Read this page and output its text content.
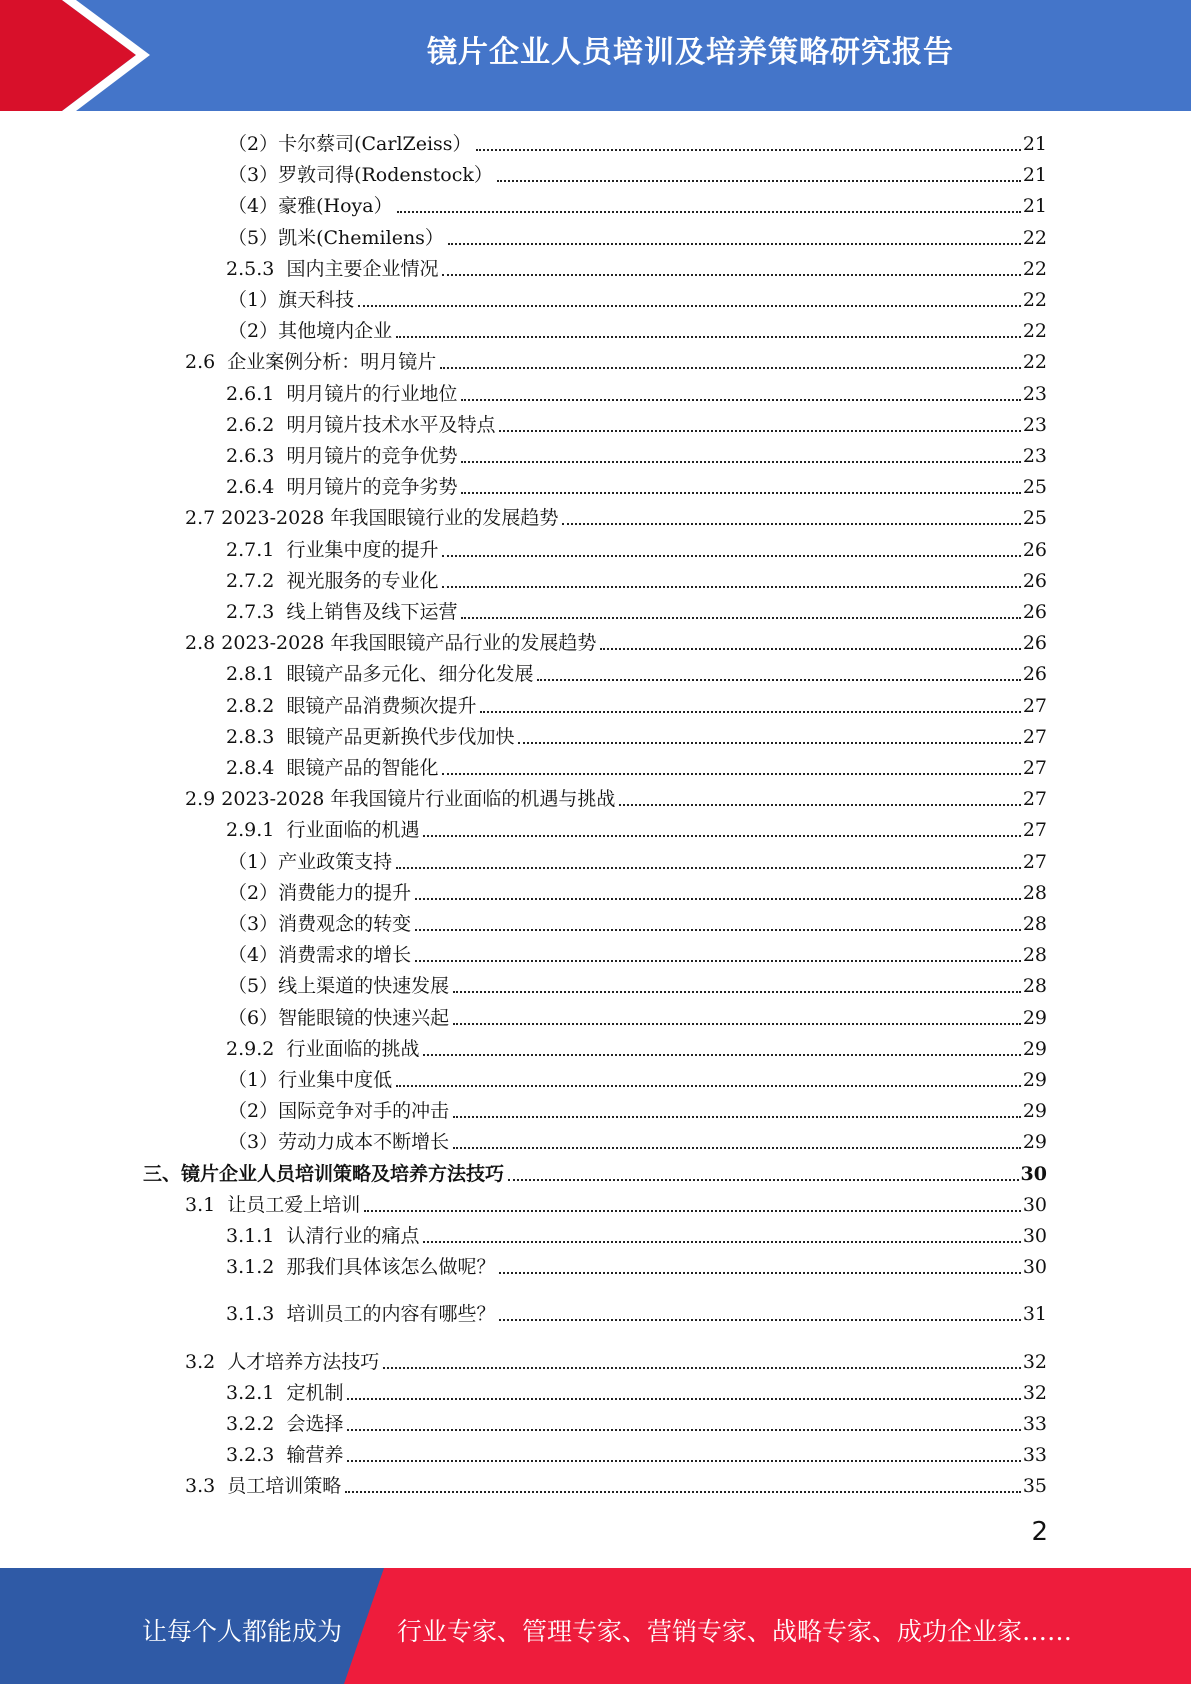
镜片企业人员培训及培养策略研究报告
（2） 卡尔蔡司(CarlZeiss）	21
（3） 罗敦司得(Rodenstock）	21
（4） 豪雅(Hoya）	21
（5） 凯米(Chemilens）	22
2.5.3 国内主要企业情况	22
（1） 旗天科技	22
（2） 其他境内企业	22
2.6 企业案例分析：明月镜片	22
2.6.1 明月镜片的行业地位	23
2.6.2 明月镜片技术水平及特点	23
2.6.3 明月镜片的竞争优势	23
2.6.4 明月镜片的竞争劣势	25
2.7 2023-2028 年我国眼镜行业的发展趋势	25
2.7.1 行业集中度的提升	26
2.7.2 视光服务的专业化	26
2.7.3 线上销售及线下运营	26
2.8 2023-2028 年我国眼镜产品行业的发展趋势	26
2.8.1 眼镜产品多元化、细分化发展	26
2.8.2 眼镜产品消费频次提升	27
2.8.3 眼镜产品更新换代步伐加快	27
2.8.4 眼镜产品的智能化	27
2.9 2023-2028 年我国镜片行业面临的机遇与挑战	27
2.9.1 行业面临的机遇	27
（1） 产业政策支持	27
（2） 消费能力的提升	28
（3） 消费观念的转变	28
（4） 消费需求的增长	28
（5） 线上渠道的快速发展	28
（6） 智能眼镜的快速兴起	29
2.9.2 行业面临的挑战	29
（1） 行业集中度低	29
（2） 国际竞争对手的冲击	29
（3） 劳动力成本不断增长	29
三、 镜片企业人员培训策略及培养方法技巧	30
3.1 让员工爱上培训	30
3.1.1 认清行业的痛点	30
3.1.2 那我们具体该怎么做呢？	30
3.1.3 培训员工的内容有哪些？	31
3.2 人才培养方法技巧	32
3.2.1 定机制	32
3.2.2 会选择	33
3.2.3 输营养	33
3.3 员工培训策略	35
2
让每个人都能成为 行业专家、管理专家、营销专家、战略专家、成功企业家……
